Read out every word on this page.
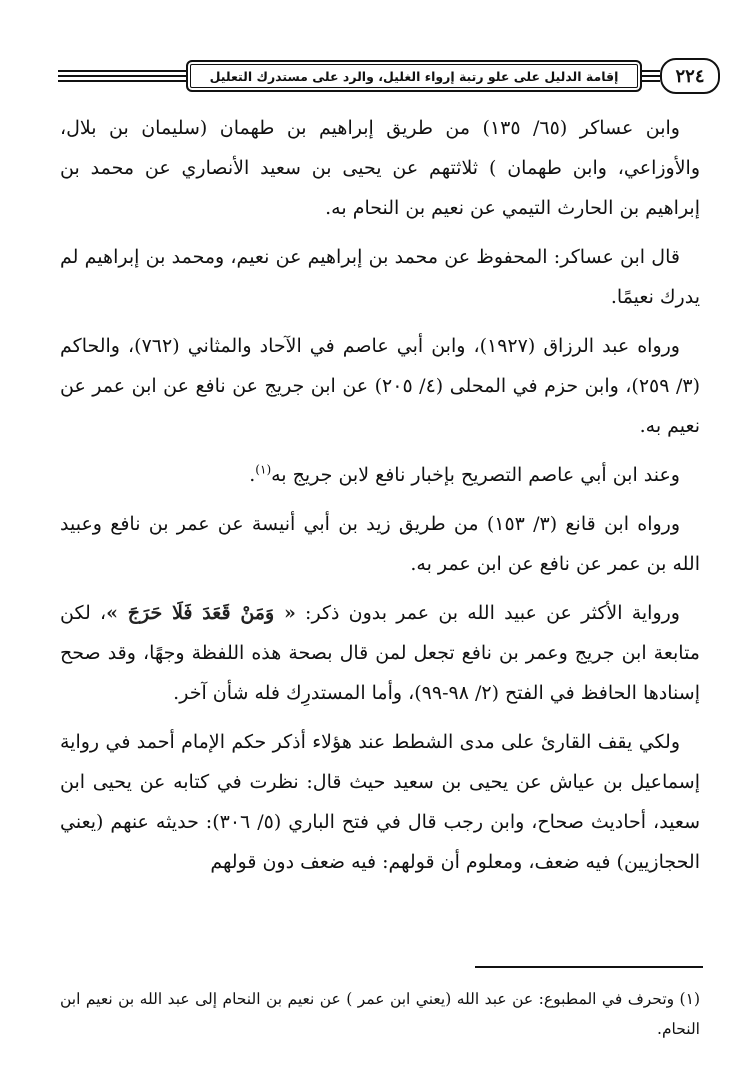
إقامة الدليل على علو رتبة إرواء الغليل، والرد على مستدرك التعليل	٢٢٤

وابن عساكر (٦٥/ ١٣٥) من طريق إبراهيم بن طهمان (سليمان بن بلال، والأوزاعي، وابن طهمان ) ثلاثتهم عن يحيى بن سعيد الأنصاري عن محمد بن إبراهيم بن الحارث التيمي عن نعيم بن النحام به.

قال ابن عساكر: المحفوظ عن محمد بن إبراهيم عن نعيم، ومحمد بن إبراهيم لم يدرك نعيمًا.

ورواه عبد الرزاق (١٩٢٧)، وابن أبي عاصم في الآحاد والمثاني (٧٦٢)، والحاكم (٣/ ٢٥٩)، وابن حزم في المحلى (٤/ ٢٠٥) عن ابن جريج عن نافع عن ابن عمر عن نعيم به.

وعند ابن أبي عاصم التصريح بإخبار نافع لابن جريج به$^{(١)}$.

ورواه ابن قانع (٣/ ١٥٣) من طريق زيد بن أبي أنيسة عن عمر بن نافع وعبيد الله بن عمر عن نافع عن ابن عمر به.

ورواية الأكثر عن عبيد الله بن عمر بدون ذكر: « وَمَنْ قَعَدَ فَلَا حَرَجَ »، لكن متابعة ابن جريج وعمر بن نافع تجعل لمن قال بصحة هذه اللفظة وجهًا، وقد صحح إسنادها الحافظ في الفتح (٢/ ٩٨-٩٩)، وأما المستدرِك فله شأن آخر.

ولكي يقف القارئ على مدى الشطط عند هؤلاء أذكر حكم الإمام أحمد في رواية إسماعيل بن عياش عن يحيى بن سعيد حيث قال: نظرت في كتابه عن يحيى ابن سعيد، أحاديث صحاح، وابن رجب قال في فتح الباري (٥/ ٣٠٦): حديثه عنهم (يعني الحجازيين) فيه ضعف، ومعلوم أن قولهم: فيه ضعف دون قولهم

(١) وتحرف في المطبوع: عن عبد الله (يعني ابن عمر ) عن نعيم بن النحام إلى عبد الله بن نعيم ابن النحام.
